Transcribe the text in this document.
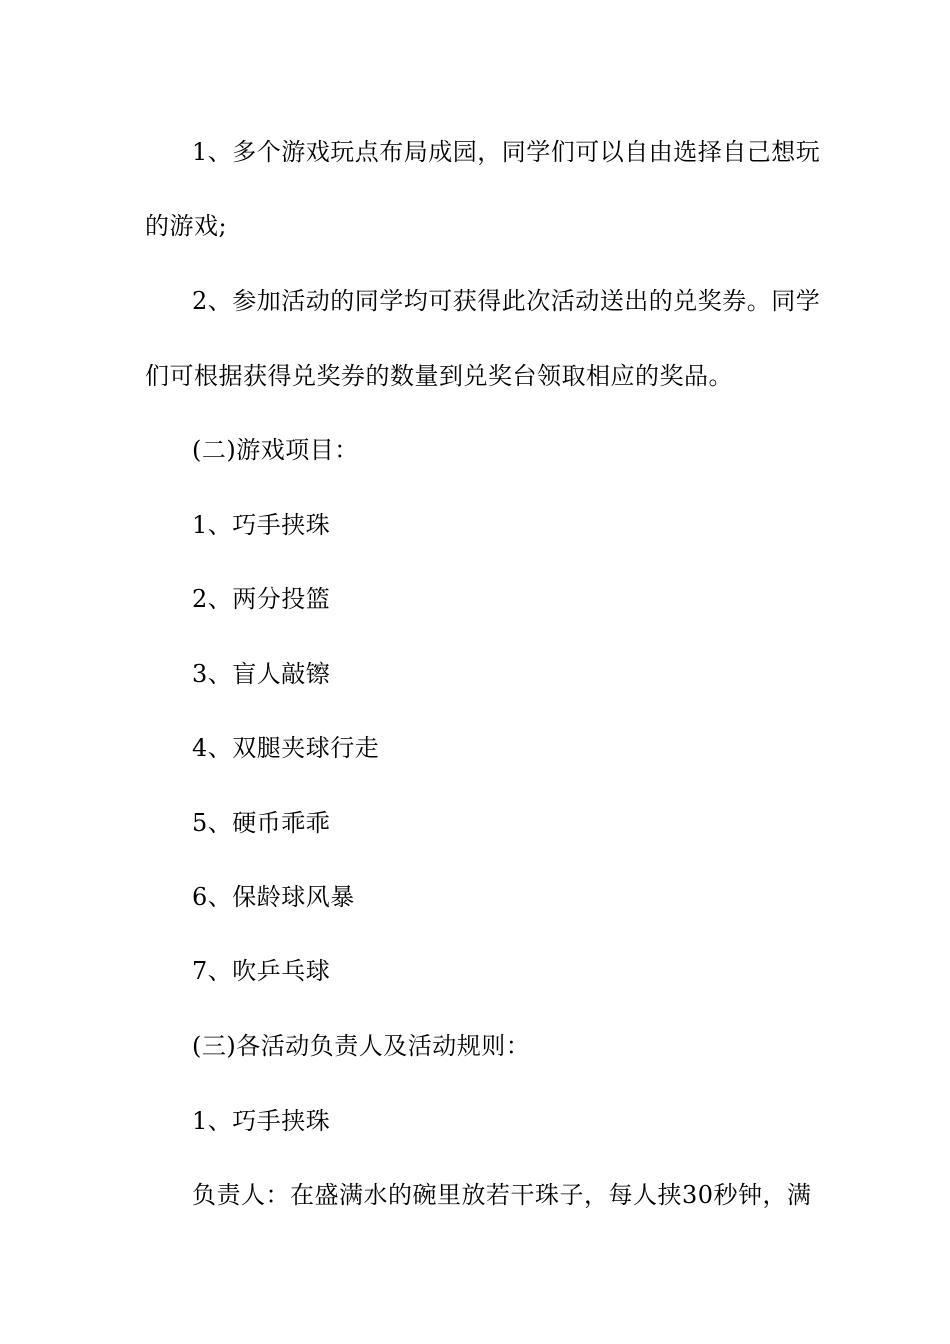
1、多个游戏玩点布局成园，同学们可以自由选择自己想玩
的游戏;
2、参加活动的同学均可获得此次活动送出的兑奖券。同学
们可根据获得兑奖券的数量到兑奖台领取相应的奖品。
(二)游戏项目：
1、巧手挟珠
2、两分投篮
3、盲人敲镲
4、双腿夹球行走
5、硬币乖乖
6、保龄球风暴
7、吹乒乓球
(三)各活动负责人及活动规则：
1、巧手挟珠
负责人：在盛满水的碗里放若干珠子，每人挟30秒钟，满
